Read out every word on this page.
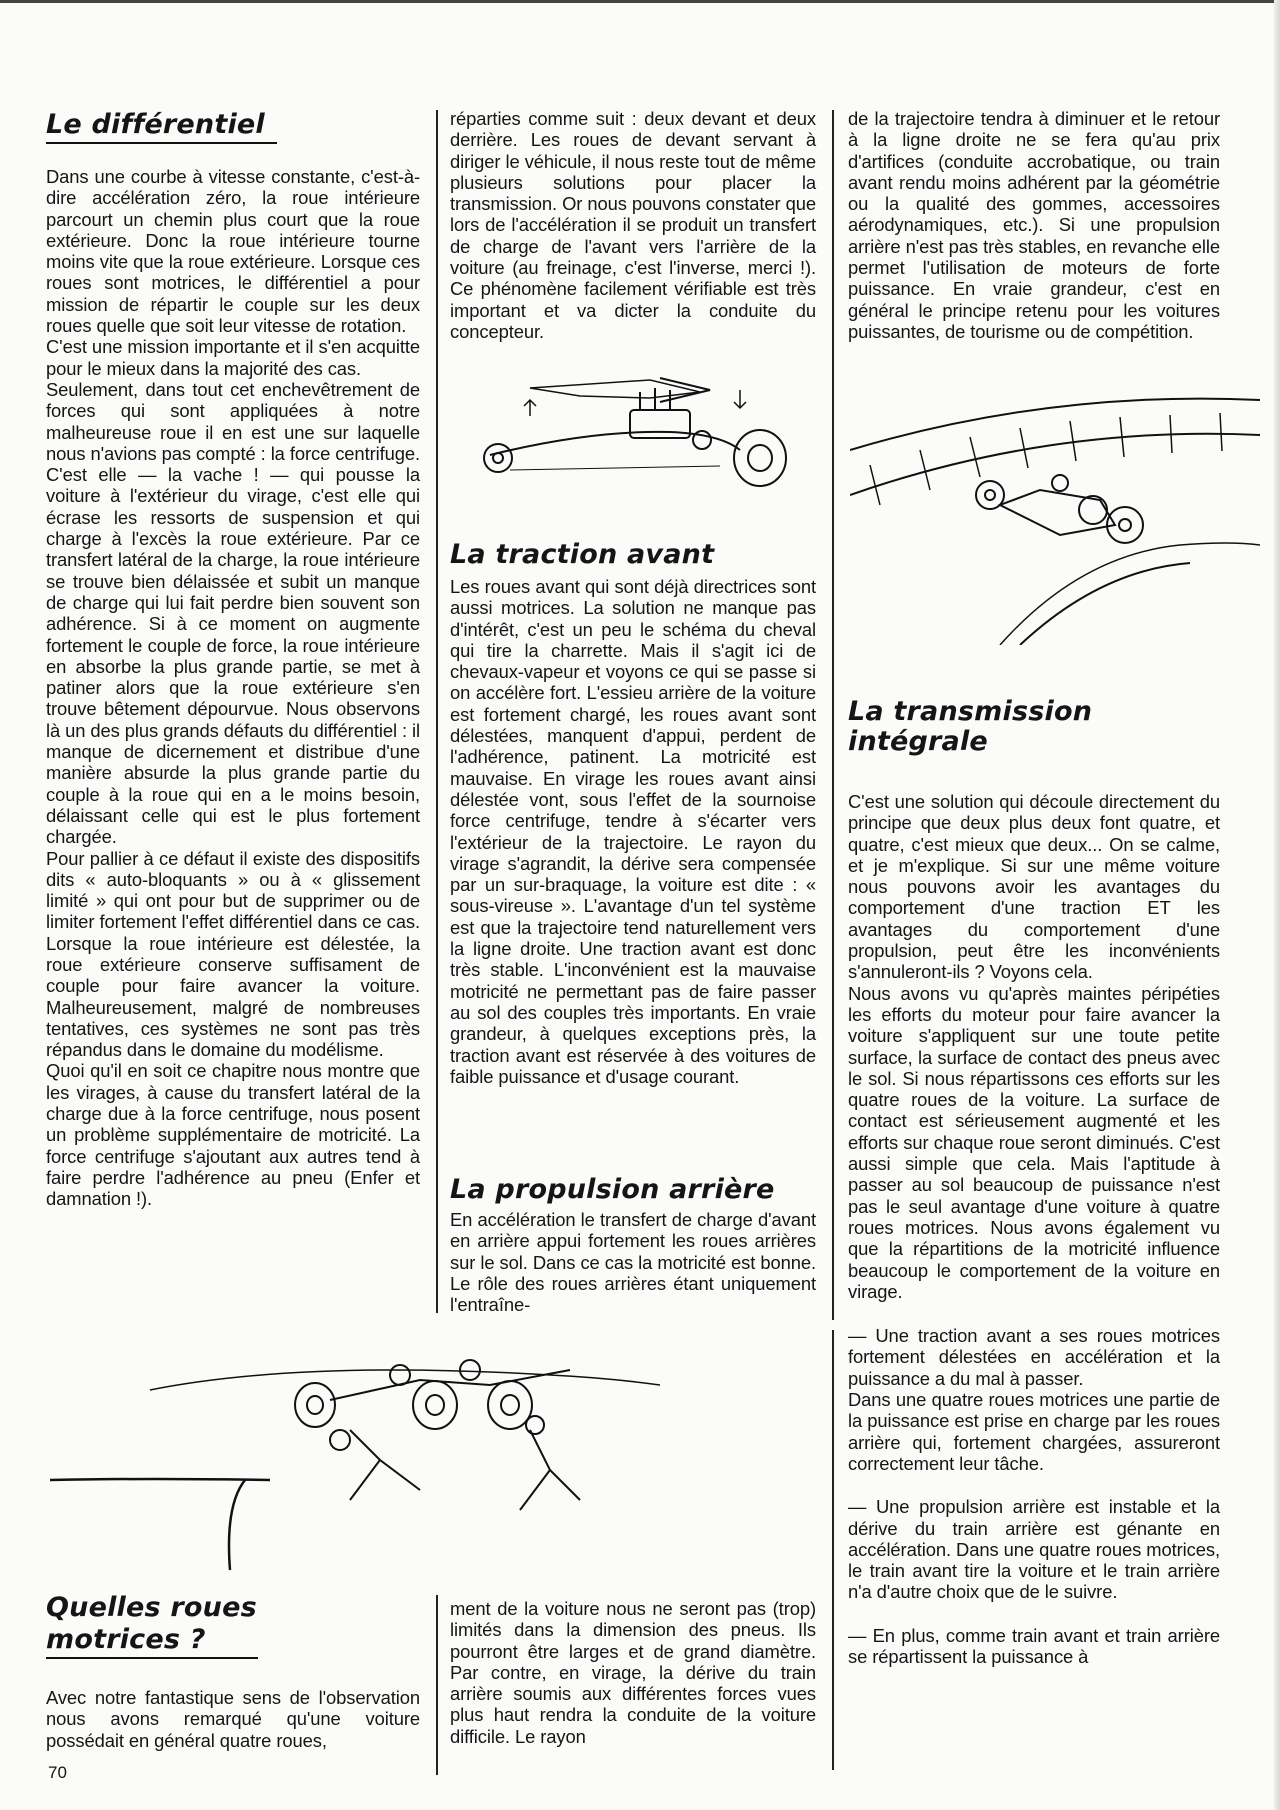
Le différentiel

Dans une courbe à vitesse constante, c'est-à-dire accélération zéro, la roue intérieure parcourt un chemin plus court que la roue extérieure. Donc la roue intérieure tourne moins vite que la roue extérieure. Lorsque ces roues sont motrices, le différentiel a pour mission de répartir le couple sur les deux roues quelle que soit leur vitesse de rotation.

C'est une mission importante et il s'en acquitte pour le mieux dans la majorité des cas.

Seulement, dans tout cet enchevêtrement de forces qui sont appliquées à notre malheureuse roue il en est une sur laquelle nous n'avions pas compté : la force centrifuge. C'est elle — la vache ! — qui pousse la voiture à l'extérieur du virage, c'est elle qui écrase les ressorts de suspension et qui charge à l'excès la roue extérieure. Par ce transfert latéral de la charge, la roue intérieure se trouve bien délaissée et subit un manque de charge qui lui fait perdre bien souvent son adhérence. Si à ce moment on augmente fortement le couple de force, la roue intérieure en absorbe la plus grande partie, se met à patiner alors que la roue extérieure s'en trouve bêtement dépourvue. Nous observons là un des plus grands défauts du différentiel : il manque de dicernement et distribue d'une manière absurde la plus grande partie du couple à la roue qui en a le moins besoin, délaissant celle qui est le plus fortement chargée.

Pour pallier à ce défaut il existe des dispositifs dits « auto-bloquants » ou à « glissement limité » qui ont pour but de supprimer ou de limiter fortement l'effet différentiel dans ce cas. Lorsque la roue intérieure est délestée, la roue extérieure conserve suffisament de couple pour faire avancer la voiture. Malheureusement, malgré de nombreuses tentatives, ces systèmes ne sont pas très répandus dans le domaine du modélisme.

Quoi qu'il en soit ce chapitre nous montre que les virages, à cause du transfert latéral de la charge due à la force centrifuge, nous posent un problème supplémentaire de motricité. La force centrifuge s'ajoutant aux autres tend à faire perdre l'adhérence au pneu (Enfer et damnation !).

réparties comme suit : deux devant et deux derrière. Les roues de devant servant à diriger le véhicule, il nous reste tout de même plusieurs solutions pour placer la transmission. Or nous pouvons constater que lors de l'accélération il se produit un transfert de charge de l'avant vers l'arrière de la voiture (au freinage, c'est l'inverse, merci !). Ce phénomène facilement vérifiable est très important et va dicter la conduite du concepteur.

La traction avant

Les roues avant qui sont déjà directrices sont aussi motrices. La solution ne manque pas d'intérêt, c'est un peu le schéma du cheval qui tire la charrette. Mais il s'agit ici de chevaux-vapeur et voyons ce qui se passe si on accélère fort. L'essieu arrière de la voiture est fortement chargé, les roues avant sont délestées, manquent d'appui, perdent de l'adhérence, patinent. La motricité est mauvaise. En virage les roues avant ainsi délestée vont, sous l'effet de la sournoise force centrifuge, tendre à s'écarter vers l'extérieur de la trajectoire. Le rayon du virage s'agrandit, la dérive sera compensée par un sur-braquage, la voiture est dite : « sous-vireuse ». L'avantage d'un tel système est que la trajectoire tend naturellement vers la ligne droite. Une traction avant est donc très stable. L'inconvénient est la mauvaise motricité ne permettant pas de faire passer au sol des couples très importants. En vraie grandeur, à quelques exceptions près, la traction avant est réservée à des voitures de faible puissance et d'usage courant.

La propulsion arrière

En accélération le transfert de charge d'avant en arrière appui fortement les roues arrières sur le sol. Dans ce cas la motricité est bonne. Le rôle des roues arrières étant uniquement l'entraîne-

de la trajectoire tendra à diminuer et le retour à la ligne droite ne se fera qu'au prix d'artifices (conduite accrobatique, ou train avant rendu moins adhérent par la géométrie ou la qualité des gommes, accessoires aérodynamiques, etc.). Si une propulsion arrière n'est pas très stables, en revanche elle permet l'utilisation de moteurs de forte puissance. En vraie grandeur, c'est en général le principe retenu pour les voitures puissantes, de tourisme ou de compétition.

La transmission
intégrale

C'est une solution qui découle directement du principe que deux plus deux font quatre, et quatre, c'est mieux que deux... On se calme, et je m'explique. Si sur une même voiture nous pouvons avoir les avantages du comportement d'une traction ET les avantages du comportement d'une propulsion, peut être les inconvénients s'annuleront-ils ? Voyons cela.

Nous avons vu qu'après maintes péripéties les efforts du moteur pour faire avancer la voiture s'appliquent sur une toute petite surface, la surface de contact des pneus avec le sol. Si nous répartissons ces efforts sur les quatre roues de la voiture. La surface de contact est sérieusement augmenté et les efforts sur chaque roue seront diminués. C'est aussi simple que cela. Mais l'aptitude à passer au sol beaucoup de puissance n'est pas le seul avantage d'une voiture à quatre roues motrices. Nous avons également vu que la répartitions de la motricité influence beaucoup le comportement de la voiture en virage.

— Une traction avant a ses roues motrices fortement délestées en accélération et la puissance a du mal à passer.

Dans une quatre roues motrices une partie de la puissance est prise en charge par les roues arrière qui, fortement chargées, assureront correctement leur tâche.

— Une propulsion arrière est instable et la dérive du train arrière est génante en accélération. Dans une quatre roues motrices, le train avant tire la voiture et le train arrière n'a d'autre choix que de le suivre.

— En plus, comme train avant et train arrière se répartissent la puissance à

Quelles roues
motrices ?

Avec notre fantastique sens de l'observation nous avons remarqué qu'une voiture possédait en général quatre roues,

ment de la voiture nous ne seront pas (trop) limités dans la dimension des pneus. Ils pourront être larges et de grand diamètre. Par contre, en virage, la dérive du train arrière soumis aux différentes forces vues plus haut rendra la conduite de la voiture difficile. Le rayon

70
